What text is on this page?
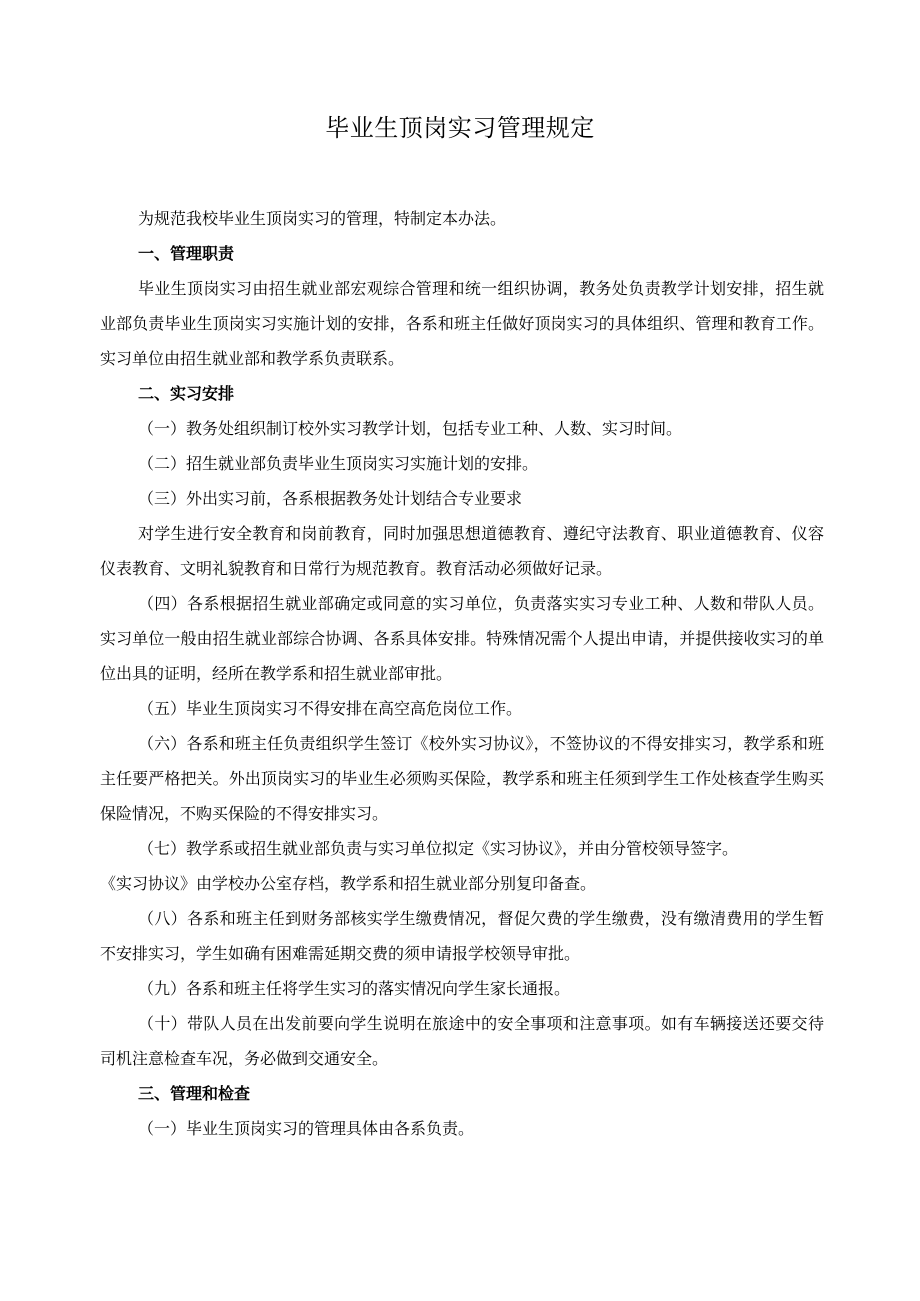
毕业生顶岗实习管理规定

为规范我校毕业生顶岗实习的管理，特制定本办法。

一、管理职责

毕业生顶岗实习由招生就业部宏观综合管理和统一组织协调，教务处负责教学计划安排，招生就业部负责毕业生顶岗实习实施计划的安排，各系和班主任做好顶岗实习的具体组织、管理和教育工作。实习单位由招生就业部和教学系负责联系。

二、实习安排

（一）教务处组织制订校外实习教学计划，包括专业工种、人数、实习时间。

（二）招生就业部负责毕业生顶岗实习实施计划的安排。

（三）外出实习前，各系根据教务处计划结合专业要求

对学生进行安全教育和岗前教育，同时加强思想道德教育、遵纪守法教育、职业道德教育、仪容仪表教育、文明礼貌教育和日常行为规范教育。教育活动必须做好记录。

（四）各系根据招生就业部确定或同意的实习单位，负责落实实习专业工种、人数和带队人员。实习单位一般由招生就业部综合协调、各系具体安排。特殊情况需个人提出申请，并提供接收实习的单位出具的证明，经所在教学系和招生就业部审批。

（五）毕业生顶岗实习不得安排在高空高危岗位工作。

（六）各系和班主任负责组织学生签订《校外实习协议》，不签协议的不得安排实习，教学系和班主任要严格把关。外出顶岗实习的毕业生必须购买保险，教学系和班主任须到学生工作处核查学生购买保险情况，不购买保险的不得安排实习。

（七）教学系或招生就业部负责与实习单位拟定《实习协议》，并由分管校领导签字。

《实习协议》由学校办公室存档，教学系和招生就业部分别复印备查。

（八）各系和班主任到财务部核实学生缴费情况，督促欠费的学生缴费，没有缴清费用的学生暂不安排实习，学生如确有困难需延期交费的须申请报学校领导审批。

（九）各系和班主任将学生实习的落实情况向学生家长通报。

（十）带队人员在出发前要向学生说明在旅途中的安全事项和注意事项。如有车辆接送还要交待司机注意检查车况，务必做到交通安全。

三、管理和检查

（一）毕业生顶岗实习的管理具体由各系负责。
